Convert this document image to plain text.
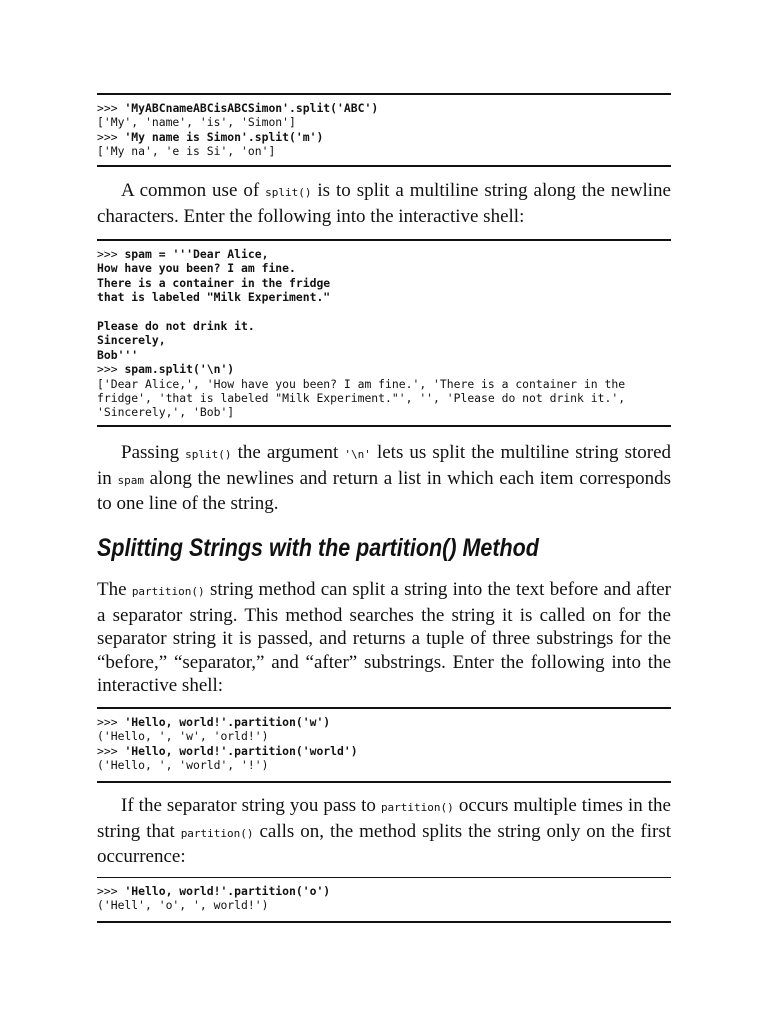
>>> 'MyABCnameABCisABCSimon'.split('ABC')
['My', 'name', 'is', 'Simon']
>>> 'My name is Simon'.split('m')
['My na', 'e is Si', 'on']

A common use of split() is to split a multiline string along the newline characters. Enter the following into the interactive shell:

>>> spam = '''Dear Alice,
How have you been? I am fine.
There is a container in the fridge
that is labeled "Milk Experiment."
Please do not drink it.
Sincerely,
Bob'''
>>> spam.split('\n')
['Dear Alice,', 'How have you been? I am fine.', 'There is a container in the
fridge', 'that is labeled "Milk Experiment."', '', 'Please do not drink it.',
'Sincerely,', 'Bob']

Passing split() the argument '\n' lets us split the multiline string stored in spam along the newlines and return a list in which each item corresponds to one line of the string.

Splitting Strings with the partition() Method

The partition() string method can split a string into the text before and after a separator string. This method searches the string it is called on for the separator string it is passed, and returns a tuple of three substrings for the “before,” “separator,” and “after” substrings. Enter the following into the interactive shell:

>>> 'Hello, world!'.partition('w')
('Hello, ', 'w', 'orld!')
>>> 'Hello, world!'.partition('world')
('Hello, ', 'world', '!')

If the separator string you pass to partition() occurs multiple times in the string that partition() calls on, the method splits the string only on the first occurrence:

>>> 'Hello, world!'.partition('o')
('Hell', 'o', ', world!')
